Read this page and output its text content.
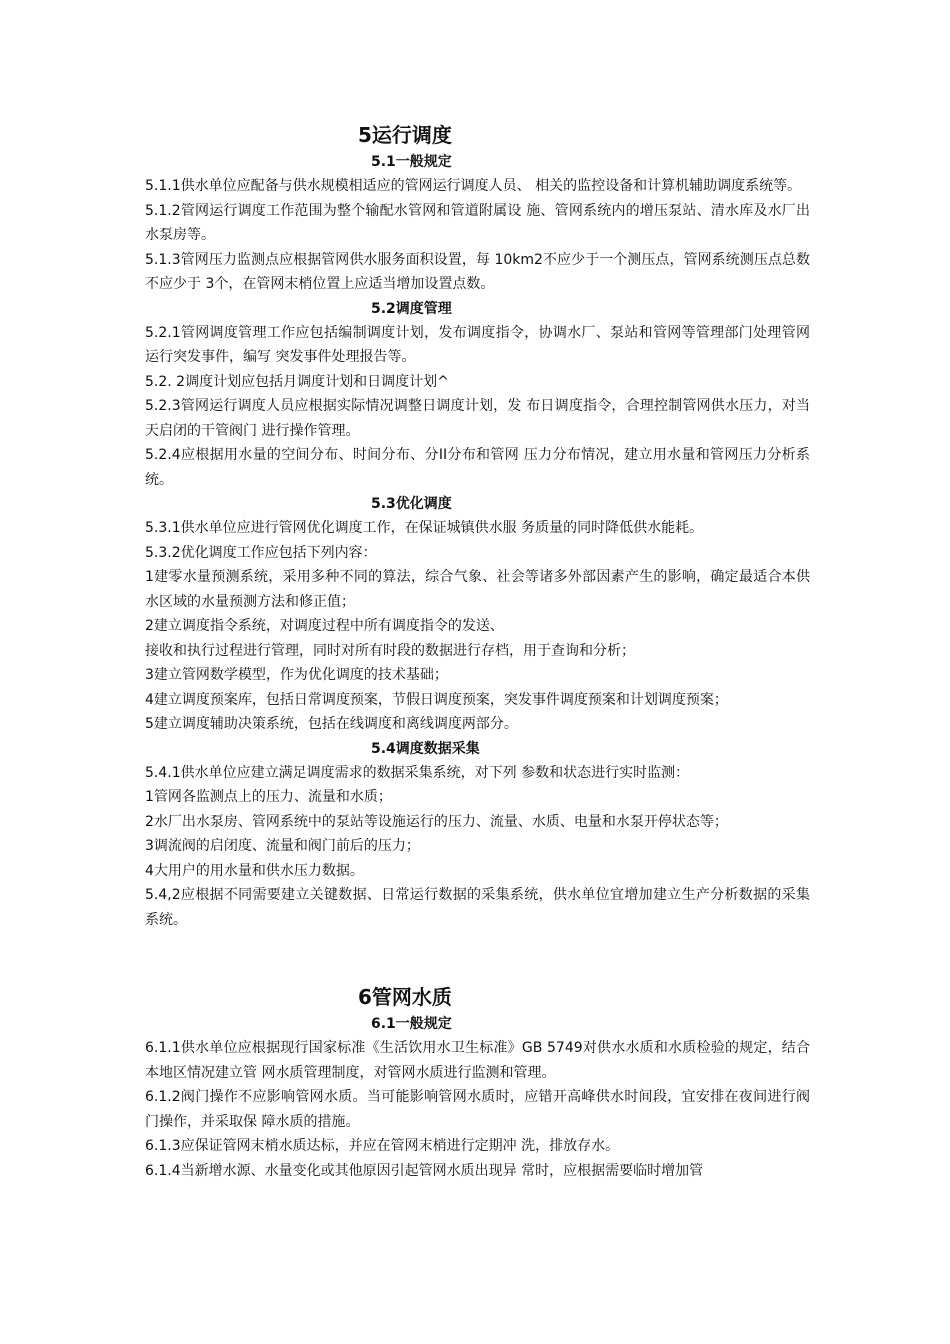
5运行调度

5.1一般规定

5.1.1供水单位应配备与供水规模相适应的管网运行调度人员、 相关的监控设备和计算机辅助调度系统等。

5.1.2管网运行调度工作范围为整个输配水管网和管道附属设 施、管网系统内的增压泵站、清水库及水厂出水泵房等。

5.1.3管网压力监测点应根据管网供水服务面积设置，每 10km2不应少于一个测压点，管网系统测压点总数不应少于 3个，在管网末梢位置上应适当增加设置点数。

5.2调度管理

5.2.1管网调度管理工作应包括编制调度计划，发布调度指令，协调水厂、泵站和管网等管理部门处理管网运行突发事件，编写 突发事件处理报告等。

5.2. 2调度计划应包括月调度计划和日调度计划^

5.2.3管网运行调度人员应根据实际情况调整日调度计划，发 布日调度指令，合理控制管网供水压力，对当天启闭的干管阀门 进行操作管理。

5.2.4应根据用水量的空间分布、时间分布、分II分布和管网 压力分布情况，建立用水量和管网压力分析系统。

5.3优化调度

5.3.1供水单位应进行管网优化调度工作，在保证城镇供水服 务质量的同时降低供水能耗。

5.3.2优化调度工作应包括下列内容：

1建零水量预测系统，采用多种不同的算法，综合气象、社会等诸多外部因素产生的影响，确定最适合本供水区域的水量预测方法和修正值；

2建立调度指令系统，对调度过程中所有调度指令的发送、

接收和执行过程进行管理，同时对所有时段的数据进行存档，用于查询和分析；

3建立管网数学模型，作为优化调度的技术基础；

4建立调度预案库，包括日常调度预案，节假日调度预案，突发事件调度预案和计划调度预案；

5建立调度辅助决策系统，包括在线调度和离线调度两部分。

5.4调度数据采集

5.4.1供水单位应建立满足调度需求的数据采集系统，对下列 参数和状态进行实时监测：

1管网各监测点上的压力、流量和水质；

2水厂出水泵房、管网系统中的泵站等设施运行的压力、流量、水质、电量和水泵开停状态等；

3调流阀的启闭度、流量和阀门前后的压力；

4大用户的用水量和供水压力数据。

5.4,2应根据不同需要建立关键数据、日常运行数据的采集系统，供水单位宜增加建立生产分析数据的采集系统。

6管网水质

6.1一般规定

6.1.1供水单位应根据现行国家标准《生活饮用水卫生标准》GB 5749对供水水质和水质检验的规定，结合本地区情况建立管 网水质管理制度，对管网水质进行监测和管理。

6.1.2阀门操作不应影响管网水质。当可能影响管网水质时，应错开高峰供水时间段，宜安排在夜间进行阀门操作，并采取保 障水质的措施。

6.1.3应保证管网末梢水质达标，并应在管网末梢进行定期冲 洗，排放存水。

6.1.4当新增水源、水量变化或其他原因引起管网水质出现异 常时，应根据需要临时增加管
